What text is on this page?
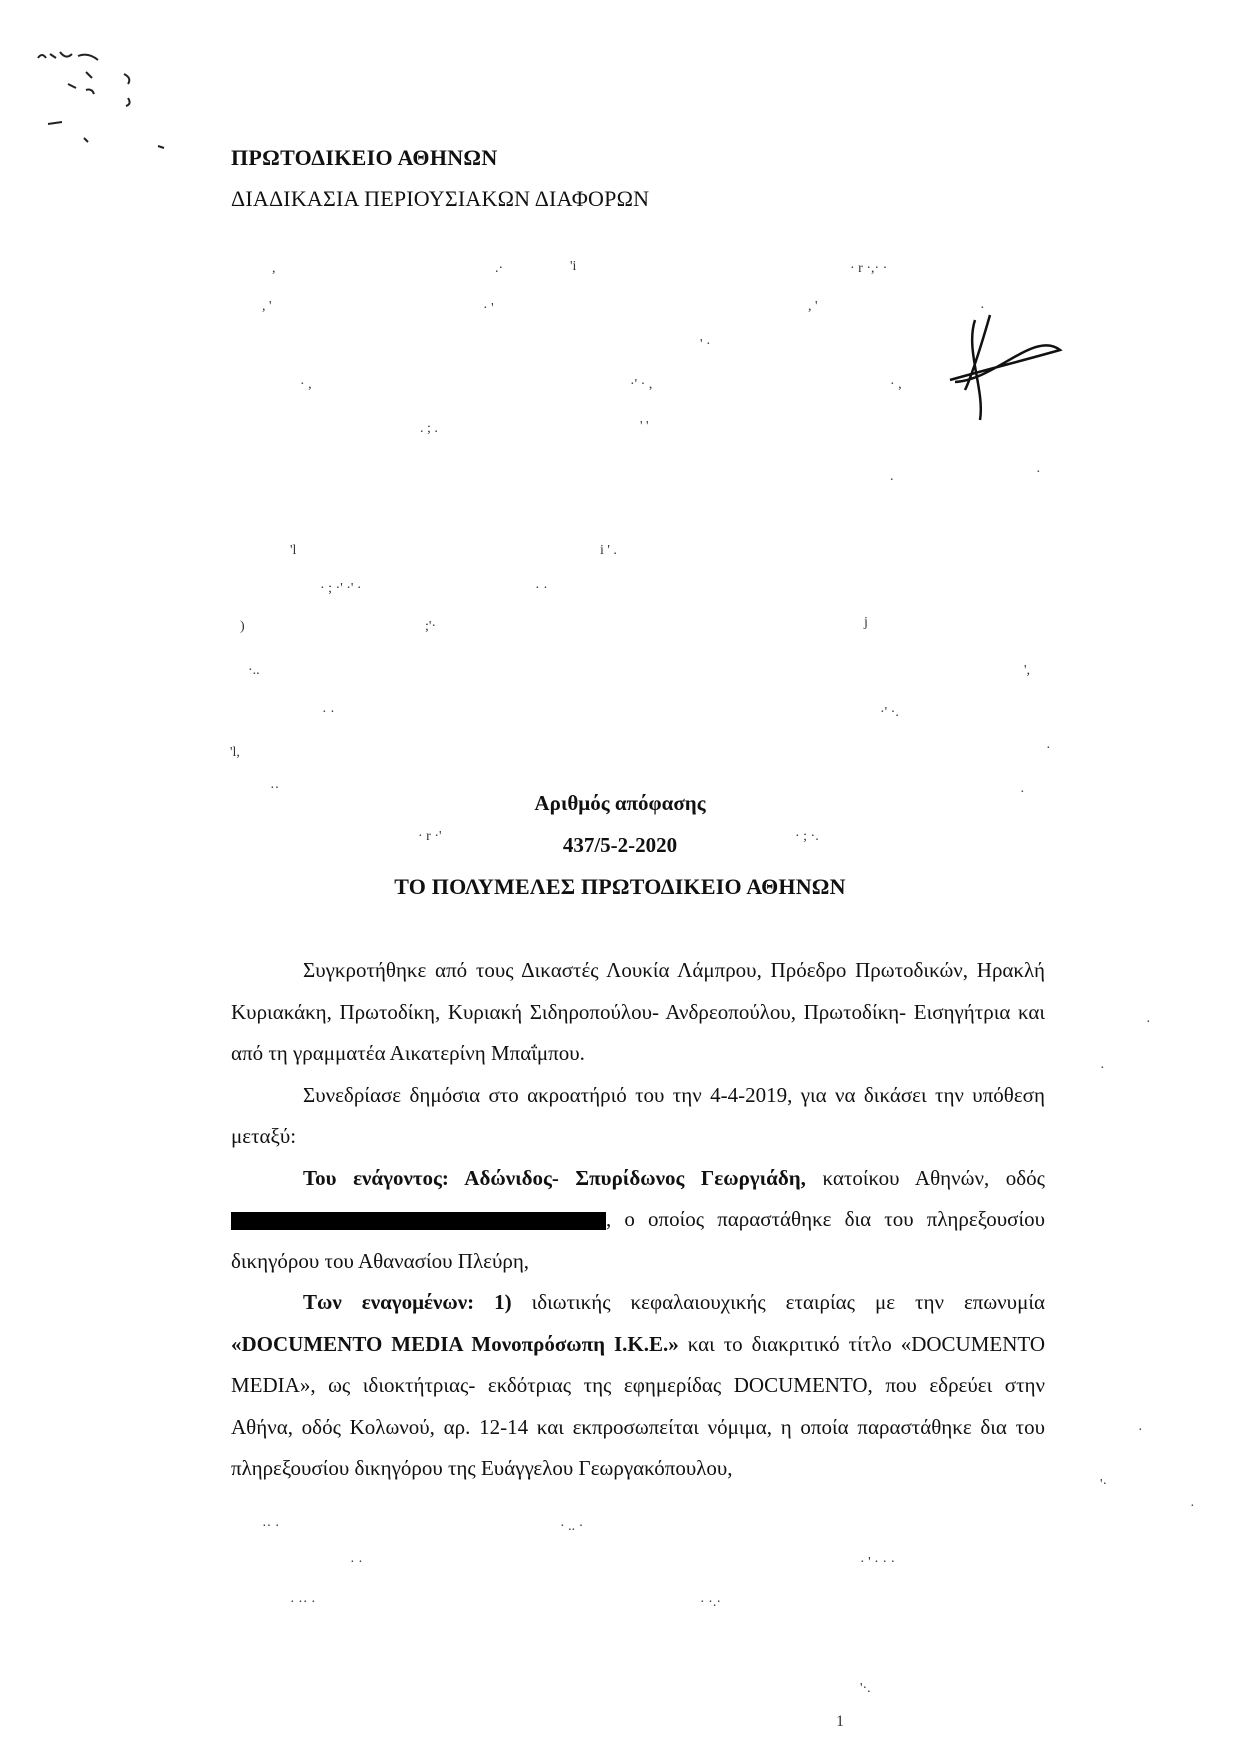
ΠΡΩΤΟΔΙΚΕΙΟ ΑΘΗΝΩΝ
ΔΙΑΔΙΚΑΣΙΑ ΠΕΡΙΟΥΣΙΑΚΩΝ ΔΙΑΦΟΡΩΝ
,	.·	'i	· r ·,· ·
, '	· '	, '	·
' ·
· ,	·' · ,	· ,
. ; .	' '
.	·
'l	i ' .
· ; ·' ·' ·	· ·
)	;'·	j
·..	',
· ·	·' ·.
'l,	·
··	·
· r ·'	· ; ·.
·
·
·
'·
·
·· ·	· .. ·
· ·	· ' · · ·
· ·· ·	· ·.·
'·.
Αριθμός απόφασης
437/5-2-2020
ΤΟ ΠΟΛΥΜΕΛΕΣ ΠΡΩΤΟΔΙΚΕΙΟ ΑΘΗΝΩΝ

Συγκροτήθηκε από τους Δικαστές Λουκία Λάμπρου, Πρόεδρο Πρωτοδικών, Ηρακλή Κυριακάκη, Πρωτοδίκη, Κυριακή Σιδηροπούλου- Ανδρεοπούλου, Πρωτοδίκη- Εισηγήτρια και από τη γραμματέα Αικατερίνη Μπαΐμπου.

Συνεδρίασε δημόσια στο ακροατήριό του την 4-4-2019, για να δικάσει την υπόθεση μεταξύ:

Του ενάγοντος: Αδώνιδος- Σπυρίδωνος Γεωργιάδη, κατοίκου Αθηνών, οδός , ο οποίος παραστάθηκε δια του πληρεξουσίου δικηγόρου του Αθανασίου Πλεύρη,

Των εναγομένων: 1) ιδιωτικής κεφαλαιουχικής εταιρίας με την επωνυμία «DOCUMENTO MEDIA Μονοπρόσωπη Ι.Κ.Ε.» και το διακριτικό τίτλο «DOCUMENTO MEDIA», ως ιδιοκτήτριας- εκδότριας της εφημερίδας DOCUMENTO, που εδρεύει στην Αθήνα, οδός Κολωνού, αρ. 12-14 και εκπροσωπείται νόμιμα, η οποία παραστάθηκε δια του πληρεξουσίου δικηγόρου της Ευάγγελου Γεωργακόπουλου,

1
